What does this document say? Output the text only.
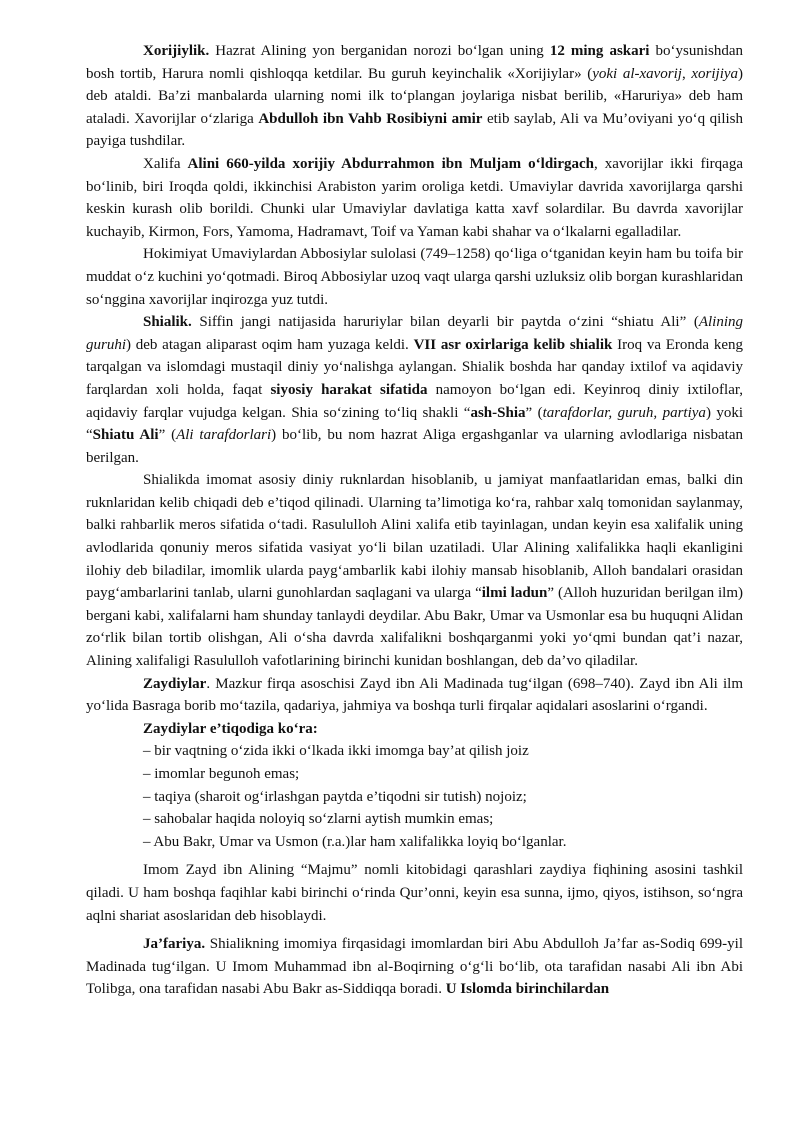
Xorijiylik. Hazrat Alining yon berganidan norozi boʻlgan uning 12 ming askari boʻysunishdan bosh tortib, Harura nomli qishloqqa ketdilar. Bu guruh keyinchalik «Xorijiylar» (yoki al-xavorij, xorijiya) deb ataldi. Ba’zi manbalarda ularning nomi ilk toʻplangan joylariga nisbat berilib, «Haruriya» deb ham ataladi. Xavorijlar oʻzlariga Abdulloh ibn Vahb Rosibiyni amir etib saylab, Ali va Mu’oviyani yoʻq qilish payiga tushdilar.

Xalifa Alini 660-yilda xorijiy Abdurrahmon ibn Muljam oʻldirgach, xavorijlar ikki firqaga boʻlinib, biri Iroqda qoldi, ikkinchisi Arabiston yarim oroliga ketdi. Umaviylar davrida xavorijlarga qarshi keskin kurash olib borildi. Chunki ular Umaviylar davlatiga katta xavf solardilar. Bu davrda xavorijlar kuchayib, Kirmon, Fors, Yamoma, Hadramavt, Toif va Yaman kabi shahar va oʻlkalarni egalladilar.

Hokimiyat Umaviylardan Abbosiylar sulolasi (749–1258) qoʻliga oʻtganidan keyin ham bu toifa bir muddat oʻz kuchini yoʻqotmadi. Biroq Abbosiylar uzoq vaqt ularga qarshi uzluksiz olib borgan kurashlaridan soʻnggina xavorijlar inqirozga yuz tutdi.

Shialik. Siffin jangi natijasida haruriylar bilan deyarli bir paytda oʻzini “shiatu Ali” (Alining guruhi) deb atagan aliparast oqim ham yuzaga keldi. VII asr oxirlariga kelib shialik Iroq va Eronda keng tarqalgan va islomdagi mustaqil diniy yoʻnalishga aylangan. Shialik boshda har qanday ixtilof va aqidaviy farqlardan xoli holda, faqat siyosiy harakat sifatida namoyon boʻlgan edi. Keyinroq diniy ixtiloflar, aqidaviy farqlar vujudga kelgan. Shia soʻzining toʻliq shakli “ash-Shia” (tarafdorlar, guruh, partiya) yoki “Shiatu Ali” (Ali tarafdorlari) boʻlib, bu nom hazrat Aliga ergashganlar va ularning avlodlariga nisbatan berilgan.

Shialikda imomat asosiy diniy ruknlardan hisoblanib, u jamiyat manfaatlaridan emas, balki din ruknlaridan kelib chiqadi deb e’tiqod qilinadi. Ularning ta’limotiga koʻra, rahbar xalq tomonidan saylanmay, balki rahbarlik meros sifatida oʻtadi. Rasululloh Alini xalifa etib tayinlagan, undan keyin esa xalifalik uning avlodlarida qonuniy meros sifatida vasiyat yoʻli bilan uzatiladi. Ular Alining xalifalikka haqli ekanligini ilohiy deb biladilar, imomlik ularda paygʻambarlik kabi ilohiy mansab hisoblanib, Alloh bandalari orasidan paygʻambarlarini tanlab, ularni gunohlardan saqlagani va ularga “ilmi ladun” (Alloh huzuridan berilgan ilm) bergani kabi, xalifalarni ham shunday tanlaydi deydilar. Abu Bakr, Umar va Usmonlar esa bu huquqni Alidan zoʻrlik bilan tortib olishgan, Ali oʻsha davrda xalifalikni boshqarganmi yoki yoʻqmi bundan qat’i nazar, Alining xalifaligi Rasululloh vafotlarining birinchi kunidan boshlangan, deb da’vo qiladilar.

Zaydiylar. Mazkur firqa asoschisi Zayd ibn Ali Madinada tugʻilgan (698–740). Zayd ibn Ali ilm yoʻlida Basraga borib moʻtazila, qadariya, jahmiya va boshqa turli firqalar aqidalari asoslarini oʻrgandi.

Zaydiylar e’tiqodiga koʻra:

– bir vaqtning oʻzida ikki oʻlkada ikki imomga bay’at qilish joiz

– imomlar begunoh emas;

– taqiya (sharoit ogʻirlashgan paytda e’tiqodni sir tutish) nojoiz;

– sahobalar haqida noloyiq soʻzlarni aytish mumkin emas;

– Abu Bakr, Umar va Usmon (r.a.)lar ham xalifalikka loyiq boʻlganlar.

Imom Zayd ibn Alining “Majmu” nomli kitobidagi qarashlari zaydiya fiqhining asosini tashkil qiladi. U ham boshqa faqihlar kabi birinchi oʻrinda Qur’onni, keyin esa sunna, ijmo, qiyos, istihson, soʻngra aqlni shariat asoslaridan deb hisoblaydi.

Ja’fariya. Shialikning imomiya firqasidagi imomlardan biri Abu Abdulloh Ja’far as-Sodiq 699-yil Madinada tugʻilgan. U Imom Muhammad ibn al-Boqirning oʻgʻli boʻlib, ota tarafidan nasabi Ali ibn Abi Tolibga, ona tarafidan nasabi Abu Bakr as-Siddiqqa boradi. U Islomda birinchilardan
